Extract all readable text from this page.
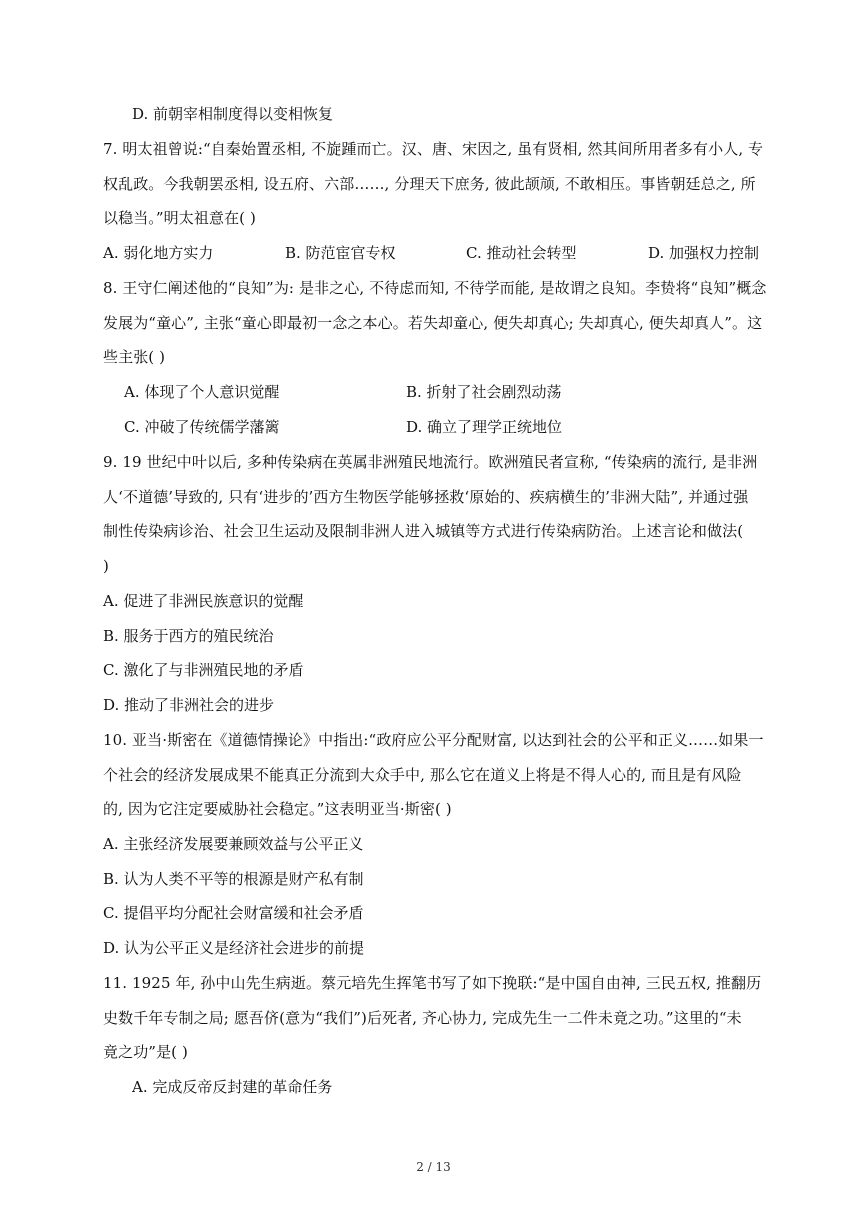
D. 前朝宰相制度得以变相恢复
7. 明太祖曾说:“自秦始置丞相, 不旋踵而亡。汉、唐、宋因之, 虽有贤相, 然其间所用者多有小人, 专
权乱政。今我朝罢丞相, 设五府、六部……, 分理天下庶务, 彼此颉颃, 不敢相压。事皆朝廷总之, 所
以稳当。”明太祖意在( )
A. 弱化地方实力	B. 防范宦官专权	C. 推动社会转型	D. 加强权力控制
8. 王守仁阐述他的“良知”为: 是非之心, 不待虑而知, 不待学而能, 是故谓之良知。李贽将“良知”概念
发展为“童心”, 主张“童心即最初一念之本心。若失却童心, 便失却真心; 失却真心, 便失却真人”。这
些主张( )
A. 体现了个人意识觉醒	B. 折射了社会剧烈动荡
C. 冲破了传统儒学藩篱	D. 确立了理学正统地位
9. 19 世纪中叶以后, 多种传染病在英属非洲殖民地流行。欧洲殖民者宣称, “传染病的流行, 是非洲
人‘不道德’导致的, 只有‘进步的’西方生物医学能够拯救‘原始的、疾病横生的’非洲大陆”, 并通过强
制性传染病诊治、社会卫生运动及限制非洲人进入城镇等方式进行传染病防治。上述言论和做法(
)
A. 促进了非洲民族意识的觉醒
B. 服务于西方的殖民统治
C. 激化了与非洲殖民地的矛盾
D. 推动了非洲社会的进步
10. 亚当·斯密在《道德情操论》中指出:“政府应公平分配财富, 以达到社会的公平和正义……如果一
个社会的经济发展成果不能真正分流到大众手中, 那么它在道义上将是不得人心的, 而且是有风险
的, 因为它注定要威胁社会稳定。”这表明亚当·斯密( )
A. 主张经济发展要兼顾效益与公平正义
B. 认为人类不平等的根源是财产私有制
C. 提倡平均分配社会财富缓和社会矛盾
D. 认为公平正义是经济社会进步的前提
11. 1925 年, 孙中山先生病逝。蔡元培先生挥笔书写了如下挽联:“是中国自由神, 三民五权, 推翻历
史数千年专制之局; 愿吾侪(意为“我们”)后死者, 齐心协力, 完成先生一二件未竟之功。”这里的“未
竟之功”是( )
A. 完成反帝反封建的革命任务
2 / 13
